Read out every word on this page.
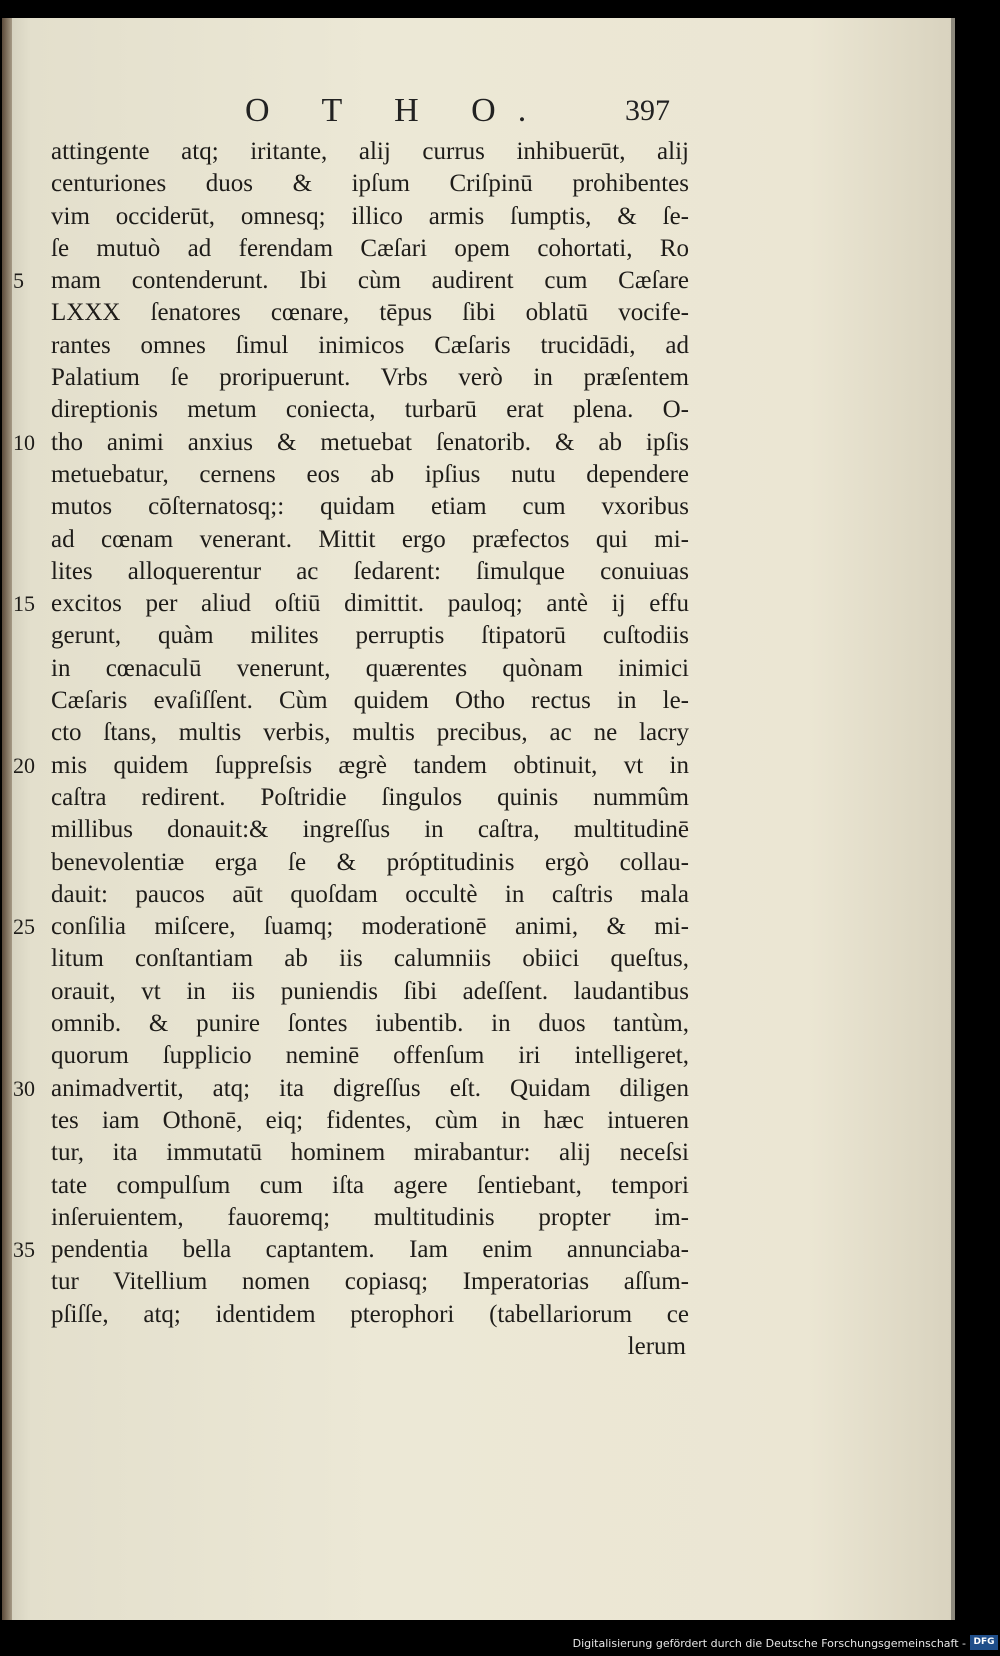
O T H O.	397
attingente atq; iritante, alij currus inhibuerūt, alij
centuriones duos & ipſum Criſpinū prohibentes
vim occiderūt, omnesq; illico armis ſumptis, & ſe-
ſe mutuò ad ferendam Cæſari opem cohortati, Ro
5	mam contenderunt. Ibi cùm audirent cum Cæſare
LXXX ſenatores cœnare, tēpus ſibi oblatū vocife-
rantes omnes ſimul inimicos Cæſaris trucidādi, ad
Palatium ſe proripuerunt. Vrbs verò in præſentem
direptionis metum coniecta, turbarū erat plena. O-
10 tho animi anxius & metuebat ſenatorib. & ab ipſis
metuebatur, cernens eos ab ipſius nutu dependere
mutos cōſternatosq;: quidam etiam cum vxoribus
ad cœnam venerant. Mittit ergo præfectos qui mi-
lites alloquerentur ac ſedarent: ſimulque conuiuas
15 excitos per aliud oſtiū dimittit. pauloq; antè ij effu
gerunt, quàm milites perruptis ſtipatorū cuſtodiis
in cœnaculū venerunt, quærentes quònam inimici
Cæſaris evaſiſſent. Cùm quidem Otho rectus in le-
cto ſtans, multis verbis, multis precibus, ac ne lacry
20 mis quidem ſuppreſsis ægrè tandem obtinuit, vt in
caſtra redirent. Poſtridie ſingulos quinis nummûm
millibus donauit:& ingreſſus in caſtra, multitudinē
benevolentiæ erga ſe & próptitudinis ergò collau-
dauit: paucos aūt quoſdam occultè in caſtris mala
25 conſilia miſcere, ſuamq; moderationē animi, & mi-
litum conſtantiam ab iis calumniis obiici queſtus,
orauit, vt in iis puniendis ſibi adeſſent. laudantibus
omnib. & punire ſontes iubentib. in duos tantùm,
quorum ſupplicio neminē offenſum iri intelligeret,
30 animadvertit, atq; ita digreſſus eſt. Quidam diligen
tes iam Othonē, eiq; fidentes, cùm in hæc intueren
tur, ita immutatū hominem mirabantur: alij neceſsi
tate compulſum cum iſta agere ſentiebant, tempori
inſeruientem, fauoremq; multitudinis propter im-
35 pendentia bella captantem. Iam enim annunciaba-
tur Vitellium nomen copiasq; Imperatorias aſſum-
pſiſſe, atq; identidem pterophori (tabellariorum ce
lerum
Digitalisierung gefördert durch die Deutsche Forschungsgemeinschaft - DFG
